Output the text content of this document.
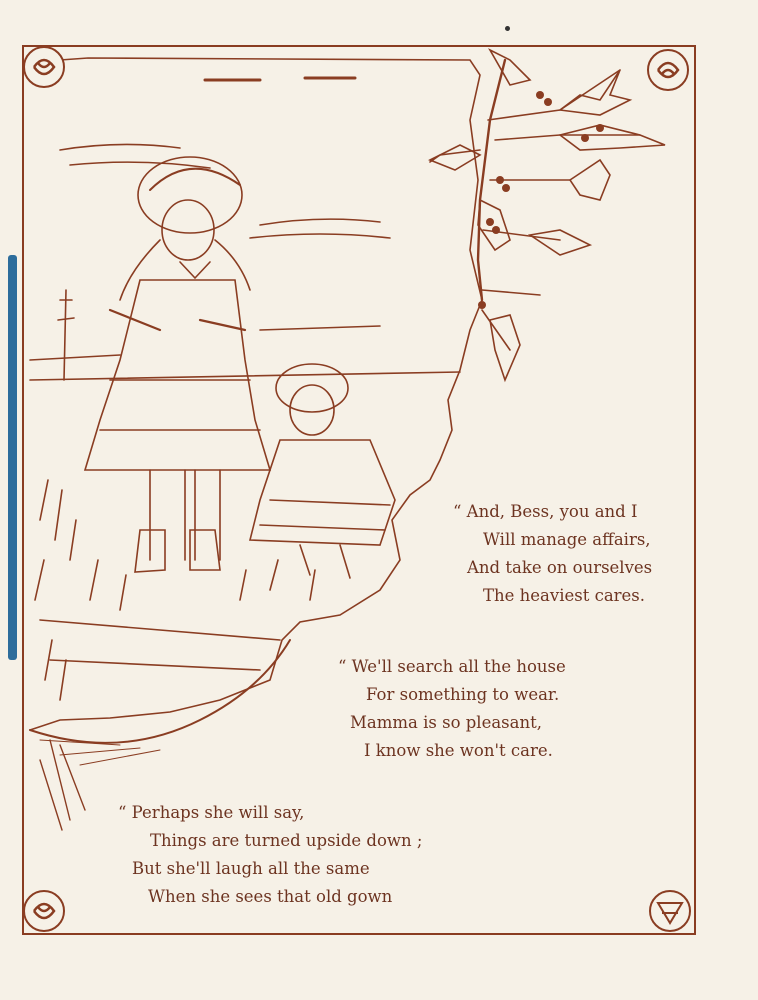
“ And, Bess, you and I
Will manage affairs,
And take on ourselves
The heaviest cares.
“ We'll search all the house
For something to wear.
Mamma is so pleasant,
I know she won't care.
“ Perhaps she will say,
Things are turned upside down ;
But she'll laugh all the same
When she sees that old gown
